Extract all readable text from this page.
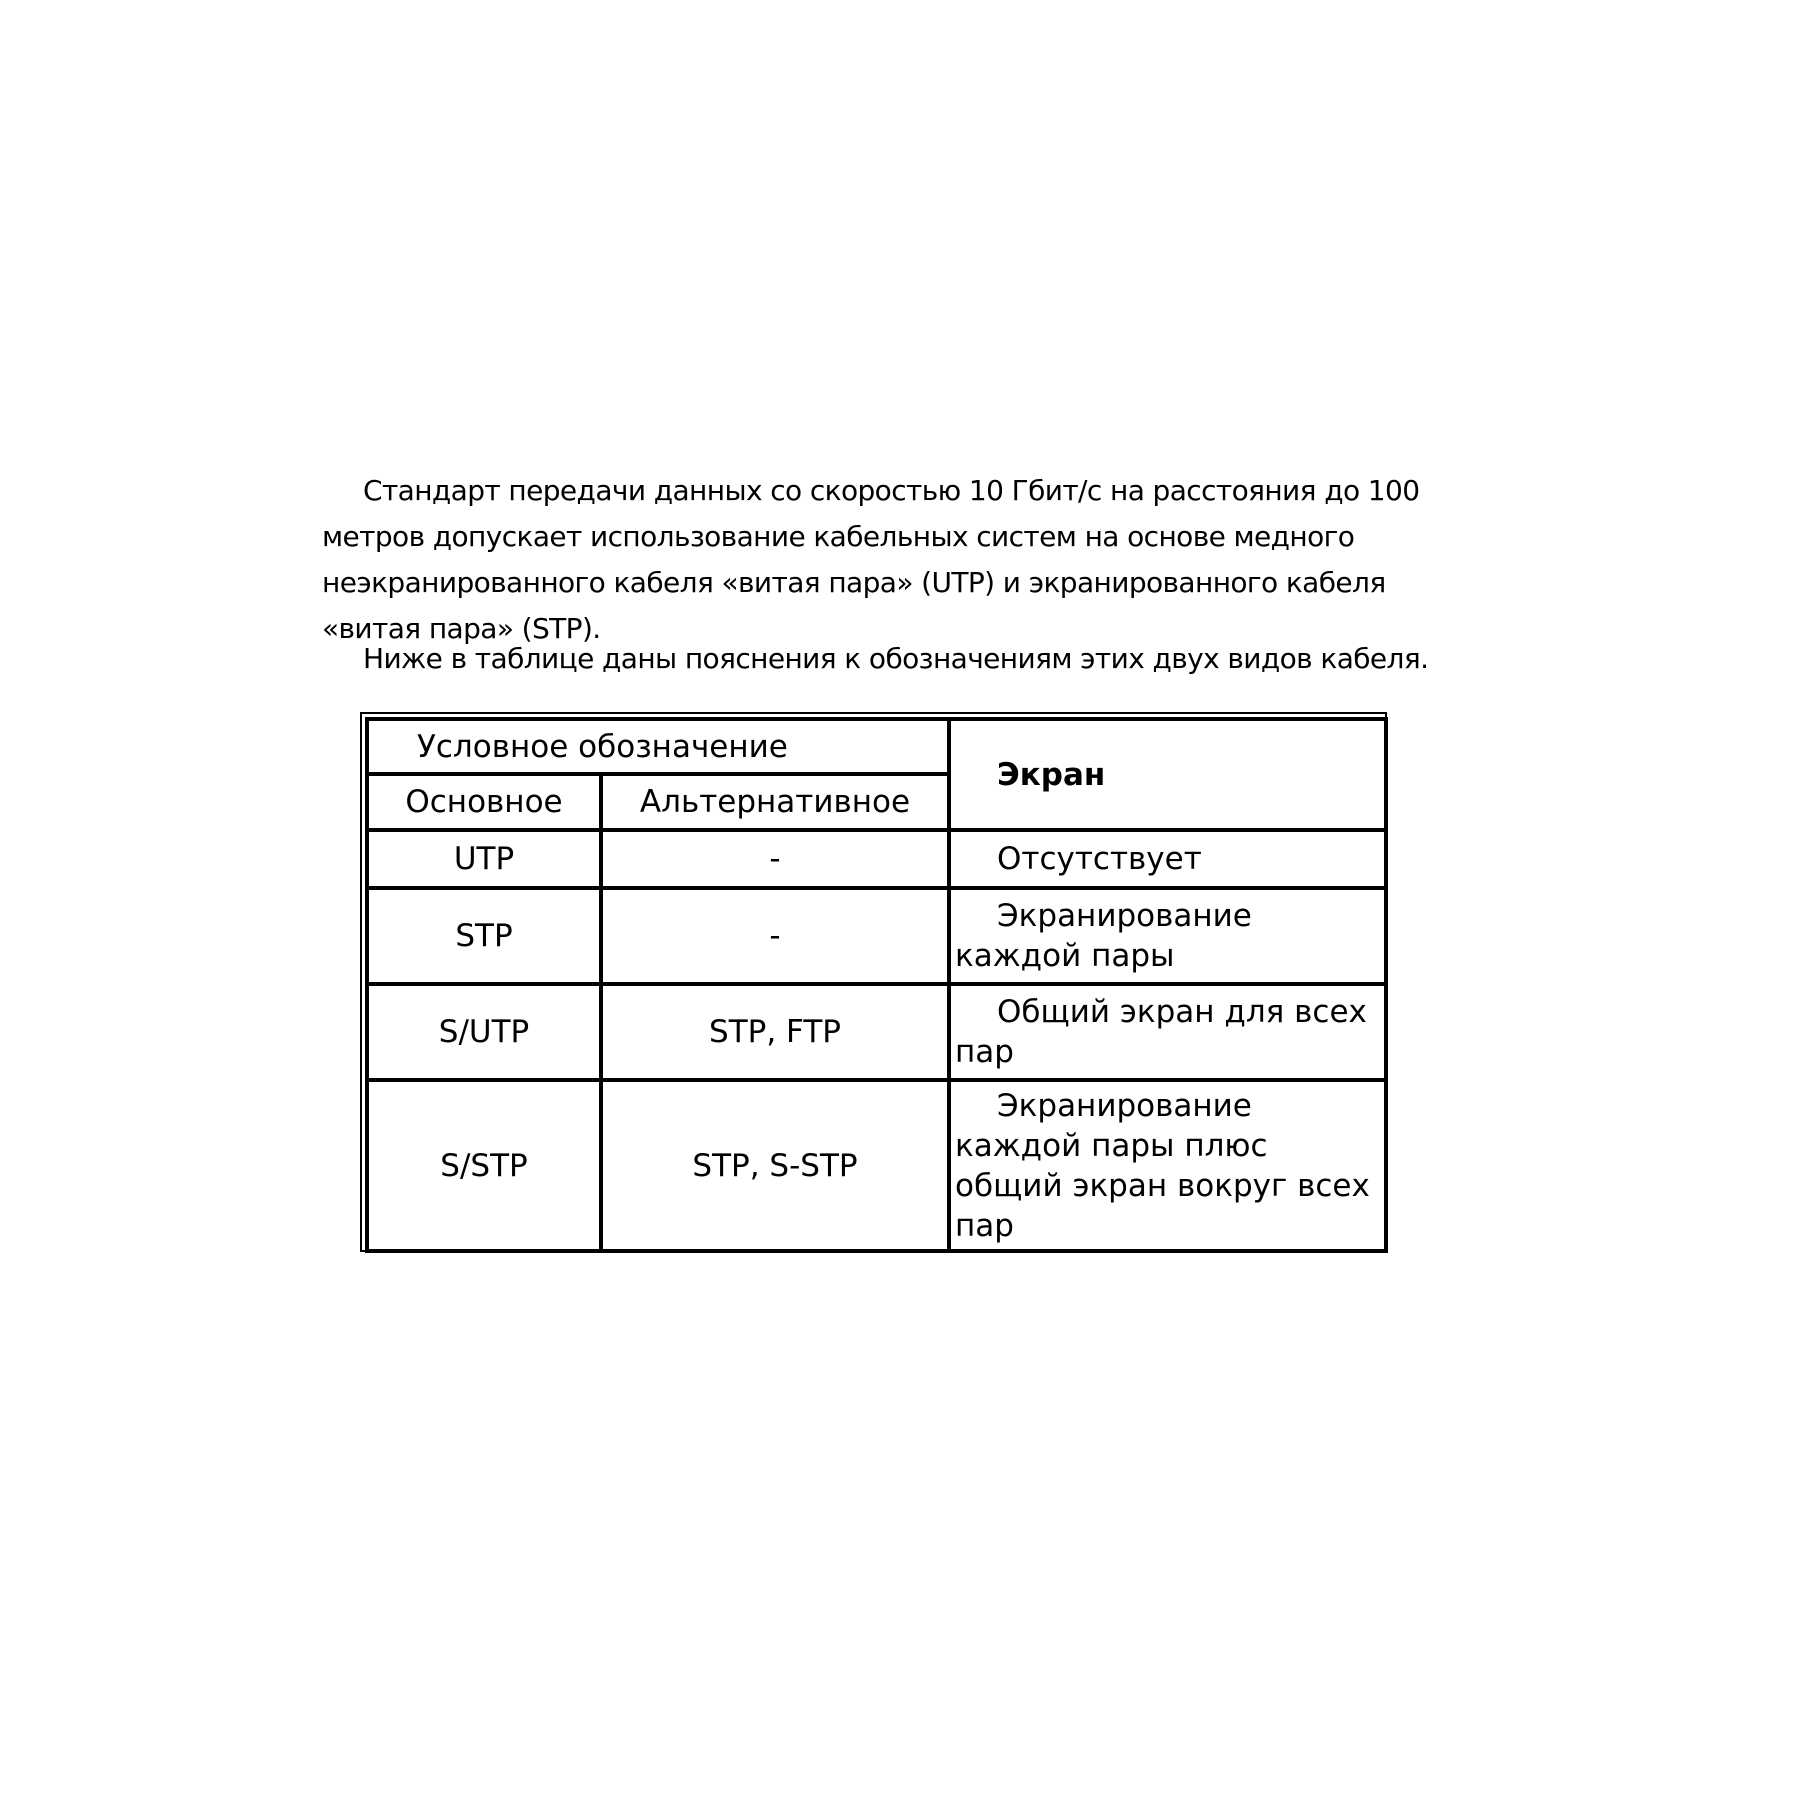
Стандарт передачи данных со скоростью 10 Гбит/с на расстояния до 100 метров допускает использование кабельных систем на основе медного неэкранированного кабеля «витая пара» (UTP) и экранированного кабеля «витая пара» (STP).

Ниже в таблице даны пояснения к обозначениям этих двух видов кабеля.

Условное обозначение		Экран
Основное	Альтернативное	
UTP	-	Отсутствует
STP	-	Экранирование каждой пары
S/UTP	STP, FTP	Общий экран для всех пар
S/STP	STP, S-STP	Экранирование каждой пары плюс общий экран вокруг всех пар
